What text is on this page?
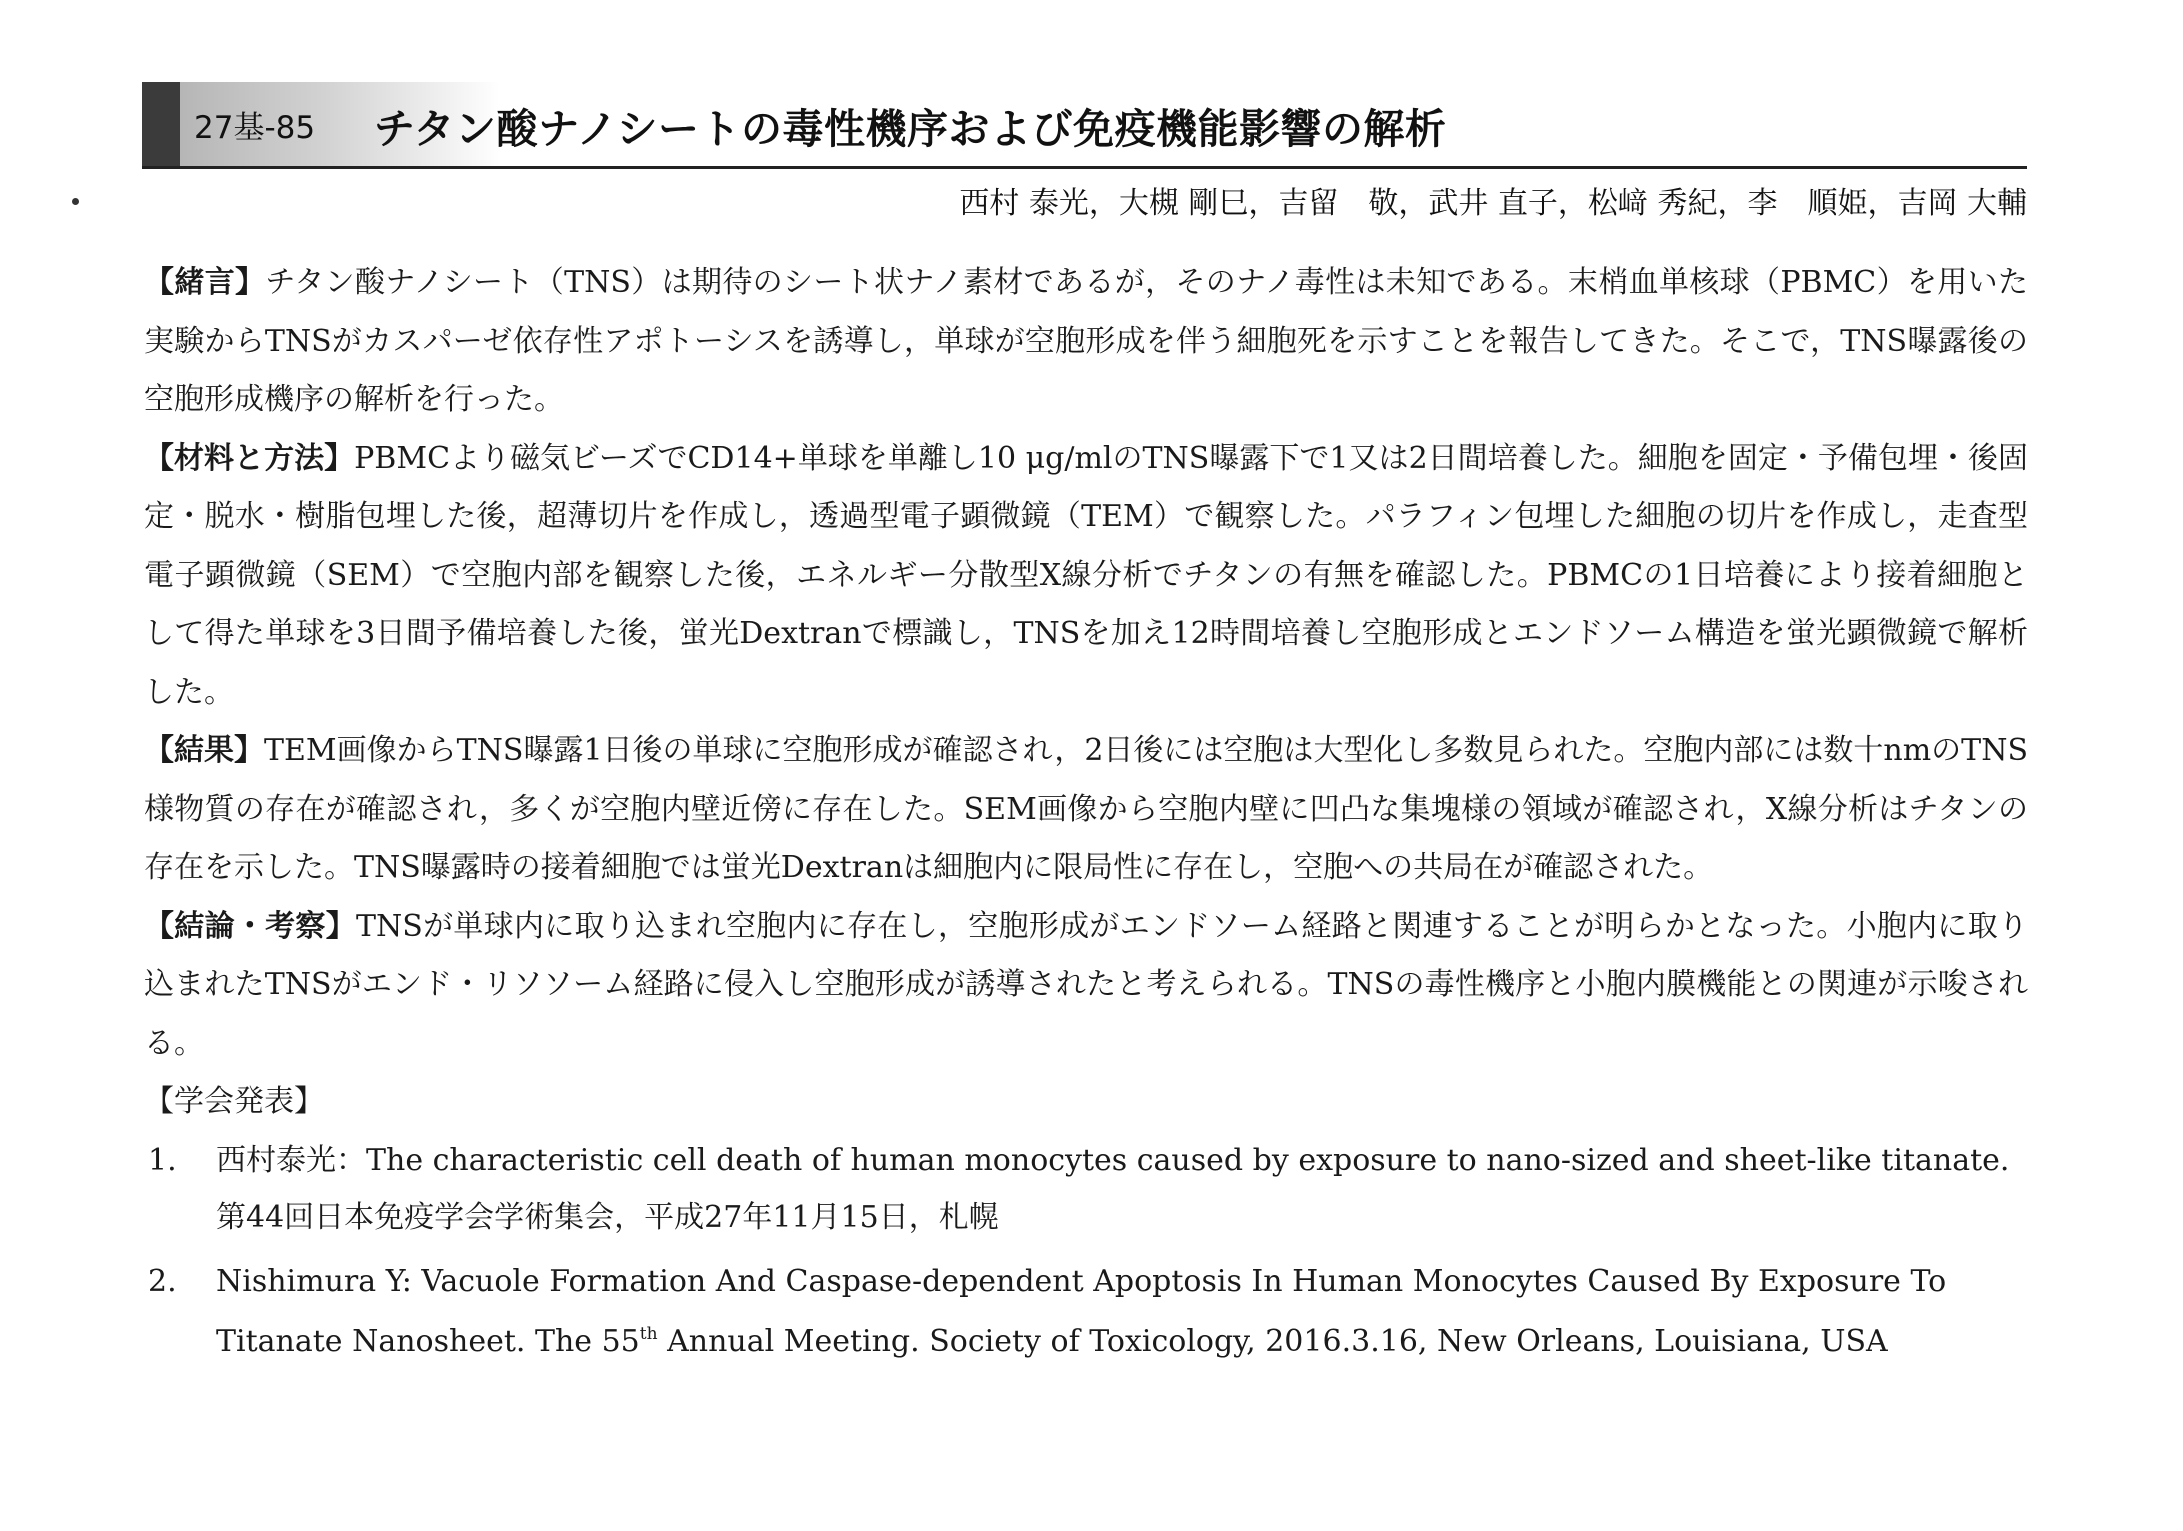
27基-85 チタン酸ナノシートの毒性機序および免疫機能影響の解析
西村 泰光，大槻 剛巳，吉留　敬，武井 直子，松﨑 秀紀，李　順姫，吉岡 大輔

【緒言】チタン酸ナノシート（TNS）は期待のシート状ナノ素材であるが，そのナノ毒性は未知である。末梢血単核球（PBMC）を用いた実験からTNSがカスパーゼ依存性アポトーシスを誘導し，単球が空胞形成を伴う細胞死を示すことを報告してきた。そこで，TNS曝露後の空胞形成機序の解析を行った。

【材料と方法】PBMCより磁気ビーズでCD14+単球を単離し10 μg/mlのTNS曝露下で1又は2日間培養した。細胞を固定・予備包埋・後固定・脱水・樹脂包埋した後，超薄切片を作成し，透過型電子顕微鏡（TEM）で観察した。パラフィン包埋した細胞の切片を作成し，走査型電子顕微鏡（SEM）で空胞内部を観察した後，エネルギー分散型X線分析でチタンの有無を確認した。PBMCの1日培養により接着細胞として得た単球を3日間予備培養した後，蛍光Dextranで標識し，TNSを加え12時間培養し空胞形成とエンドソーム構造を蛍光顕微鏡で解析した。

【結果】TEM画像からTNS曝露1日後の単球に空胞形成が確認され，2日後には空胞は大型化し多数見られた。空胞内部には数十nmのTNS様物質の存在が確認され，多くが空胞内壁近傍に存在した。SEM画像から空胞内壁に凹凸な集塊様の領域が確認され，X線分析はチタンの存在を示した。TNS曝露時の接着細胞では蛍光Dextranは細胞内に限局性に存在し，空胞への共局在が確認された。

【結論・考察】TNSが単球内に取り込まれ空胞内に存在し，空胞形成がエンドソーム経路と関連することが明らかとなった。小胞内に取り込まれたTNSがエンド・リソソーム経路に侵入し空胞形成が誘導されたと考えられる。TNSの毒性機序と小胞内膜機能との関連が示唆される。

【学会発表】

1. 西村泰光：The characteristic cell death of human monocytes caused by exposure to nano-sized and sheet-like titanate. 第44回日本免疫学会学術集会，平成27年11月15日，札幌

2. Nishimura Y: Vacuole Formation And Caspase-dependent Apoptosis In Human Monocytes Caused By Exposure To Titanate Nanosheet. The 55th Annual Meeting. Society of Toxicology, 2016.3.16, New Orleans, Louisiana, USA
